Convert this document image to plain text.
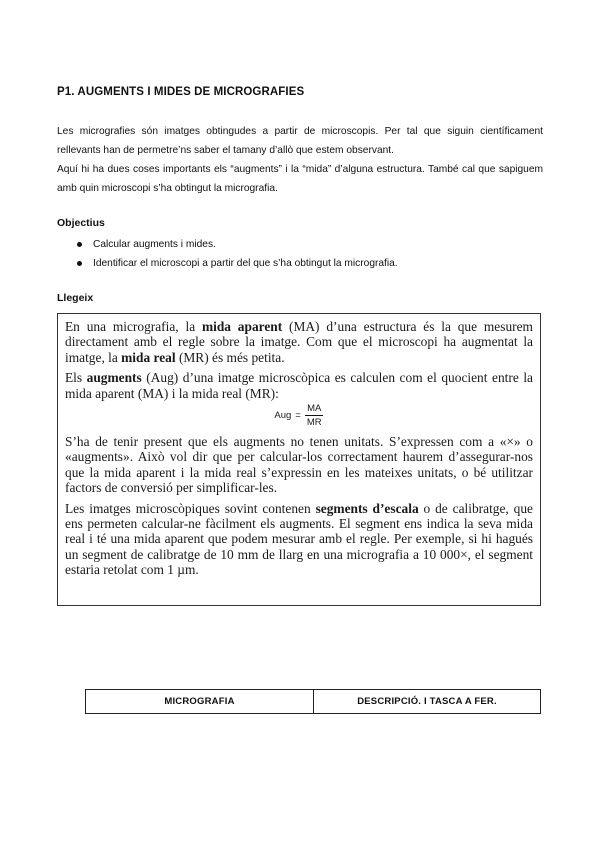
P1. AUGMENTS I MIDES DE MICROGRAFIES

Les micrografies són imatges obtingudes a partir de microscopis. Per tal que siguin científicament rellevants han de permetre’ns saber el tamany d’allò que estem observant.

Aquí hi ha dues coses importants els “augments” i la “mida” d’alguna estructura. També cal que sapiguem amb quin microscopi s’ha obtingut la micrografia.

Objectius
Calcular augments i mides.
Identificar el microscopi a partir del que s’ha obtingut la micrografia.
Llegeix

En una micrografia, la mida aparent (MA) d’una estructura és la que mesurem directament amb el regle sobre la imatge. Com que el microscopi ha augmentat la imatge, la mida real (MR) és més petita.

Els augments (Aug) d’una imatge microscòpica es calculen com el quocient entre la mida aparent (MA) i la mida real (MR):

Aug = $\frac{MA}{MR}$

S’ha de tenir present que els augments no tenen unitats. S’expressen com a «×» o «augments». Això vol dir que per calcular-los correctament haurem d’assegurar-nos que la mida aparent i la mida real s’expressin en les mateixes unitats, o bé utilitzar factors de conversió per simplificar-les.

Les imatges microscòpiques sovint contenen segments d’escala o de calibratge, que ens permeten calcular-ne fàcilment els augments. El segment ens indica la seva mida real i té una mida aparent que podem mesurar amb el regle. Per exemple, si hi hagués un segment de calibratge de 10 mm de llarg en una micrografia a 10 000×, el segment estaria retolat com 1 µm.

MICROGRAFIA	DESCRIPCIÓ. I TASCA A FER.
